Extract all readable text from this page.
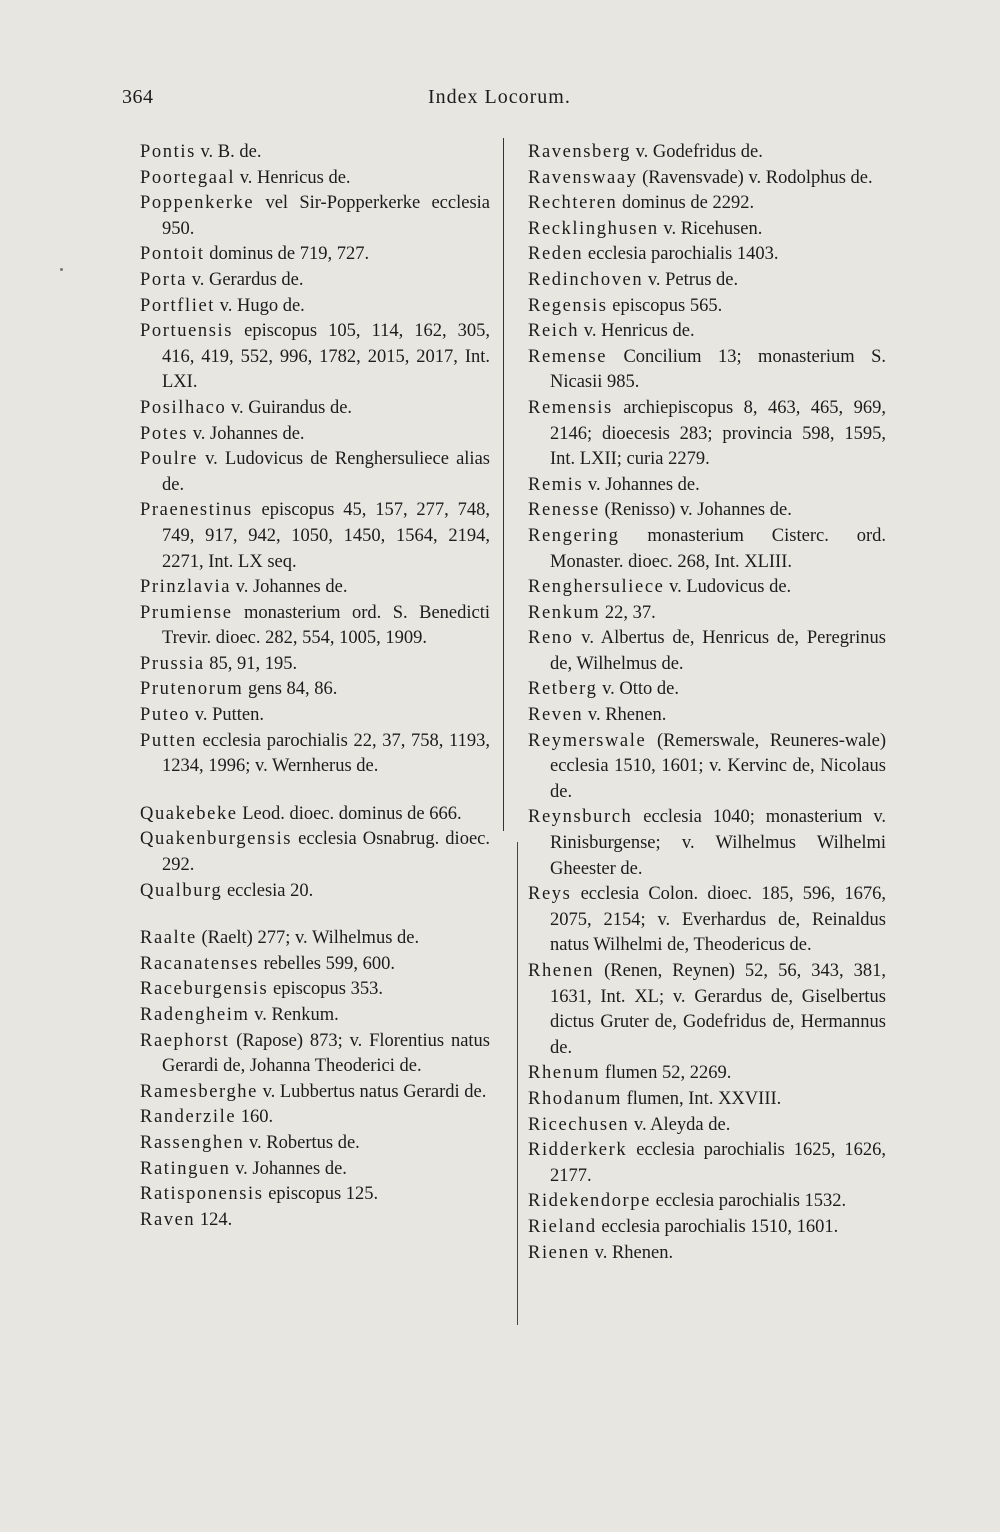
364	Index Locorum.

Pontis v. B. de.

Poortegaal v. Henricus de.

Poppenkerke vel Sir-Popperkerke ecclesia 950.

Pontoit dominus de 719, 727.

Porta v. Gerardus de.

Portfliet v. Hugo de.

Portuensis episcopus 105, 114, 162, 305, 416, 419, 552, 996, 1782, 2015, 2017, Int. LXI.

Posilhaco v. Guirandus de.

Potes v. Johannes de.

Poulre v. Ludovicus de Renghersuliece alias de.

Praenestinus episcopus 45, 157, 277, 748, 749, 917, 942, 1050, 1450, 1564, 2194, 2271, Int. LX seq.

Prinzlavia v. Johannes de.

Prumiense monasterium ord. S. Benedicti Trevir. dioec. 282, 554, 1005, 1909.

Prussia 85, 91, 195.

Prutenorum gens 84, 86.

Puteo v. Putten.

Putten ecclesia parochialis 22, 37, 758, 1193, 1234, 1996; v. Wernherus de.

Quakebeke Leod. dioec. dominus de 666.

Quakenburgensis ecclesia Osnabrug. dioec. 292.

Qualburg ecclesia 20.

Raalte (Raelt) 277; v. Wilhelmus de.

Racanatenses rebelles 599, 600.

Raceburgensis episcopus 353.

Radengheim v. Renkum.

Raephorst (Rapose) 873; v. Florentius natus Gerardi de, Johanna Theoderici de.

Ramesberghe v. Lubbertus natus Gerardi de.

Randerzile 160.

Rassenghen v. Robertus de.

Ratinguen v. Johannes de.

Ratisponensis episcopus 125.

Raven 124.

Ravensberg v. Godefridus de.

Ravenswaay (Ravensvade) v. Rodolphus de.

Rechteren dominus de 2292.

Recklinghusen v. Ricehusen.

Reden ecclesia parochialis 1403.

Redinchoven v. Petrus de.

Regensis episcopus 565.

Reich v. Henricus de.

Remense Concilium 13; monasterium S. Nicasii 985.

Remensis archiepiscopus 8, 463, 465, 969, 2146; dioecesis 283; provincia 598, 1595, Int. LXII; curia 2279.

Remis v. Johannes de.

Renesse (Renisso) v. Johannes de.

Rengering monasterium Cisterc. ord. Monaster. dioec. 268, Int. XLIII.

Renghersuliece v. Ludovicus de.

Renkum 22, 37.

Reno v. Albertus de, Henricus de, Peregrinus de, Wilhelmus de.

Retberg v. Otto de.

Reven v. Rhenen.

Reymerswale (Remerswale, Reuneres-wale) ecclesia 1510, 1601; v. Kervinc de, Nicolaus de.

Reynsburch ecclesia 1040; monasterium v. Rinisburgense; v. Wilhelmus Wilhelmi Gheester de.

Reys ecclesia Colon. dioec. 185, 596, 1676, 2075, 2154; v. Everhardus de, Reinaldus natus Wilhelmi de, Theodericus de.

Rhenen (Renen, Reynen) 52, 56, 343, 381, 1631, Int. XL; v. Gerardus de, Giselbertus dictus Gruter de, Godefridus de, Hermannus de.

Rhenum flumen 52, 2269.

Rhodanum flumen, Int. XXVIII.

Ricechusen v. Aleyda de.

Ridderkerk ecclesia parochialis 1625, 1626, 2177.

Ridekendorpe ecclesia parochialis 1532.

Rieland ecclesia parochialis 1510, 1601.

Rienen v. Rhenen.
